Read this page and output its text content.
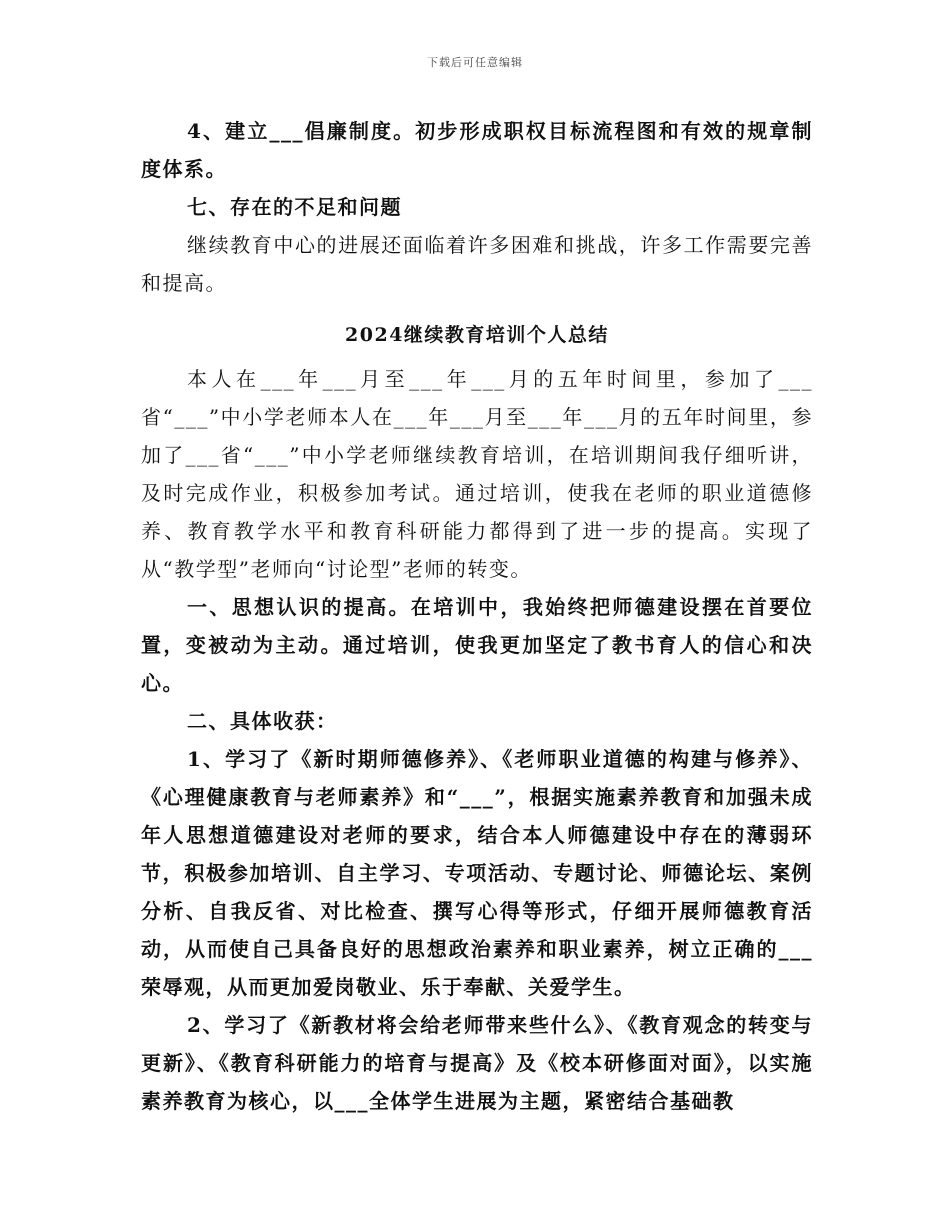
下载后可任意编辑

4、建立___倡廉制度。初步形成职权目标流程图和有效的规章制度体系。

七、存在的不足和问题

继续教育中心的进展还面临着许多困难和挑战，许多工作需要完善和提高。

2024继续教育培训个人总结

本人在___年___月至___年___月的五年时间里，参加了___省“___”中小学老师本人在___年___月至___年___月的五年时间里，参加了___省“___”中小学老师继续教育培训，在培训期间我仔细听讲，及时完成作业，积极参加考试。通过培训，使我在老师的职业道德修养、教育教学水平和教育科研能力都得到了进一步的提高。实现了从“教学型”老师向“讨论型”老师的转变。

一、思想认识的提高。在培训中，我始终把师德建设摆在首要位置，变被动为主动。通过培训，使我更加坚定了教书育人的信心和决心。

二、具体收获：

1、学习了《新时期师德修养》、《老师职业道德的构建与修养》、《心理健康教育与老师素养》和“___”，根据实施素养教育和加强未成年人思想道德建设对老师的要求，结合本人师德建设中存在的薄弱环节，积极参加培训、自主学习、专项活动、专题讨论、师德论坛、案例分析、自我反省、对比检查、撰写心得等形式，仔细开展师德教育活动，从而使自己具备良好的思想政治素养和职业素养，树立正确的___荣辱观，从而更加爱岗敬业、乐于奉献、关爱学生。

2、学习了《新教材将会给老师带来些什么》、《教育观念的转变与更新》、《教育科研能力的培育与提高》及《校本研修面对面》，以实施素养教育为核心，以___全体学生进展为主题，紧密结合基础教
